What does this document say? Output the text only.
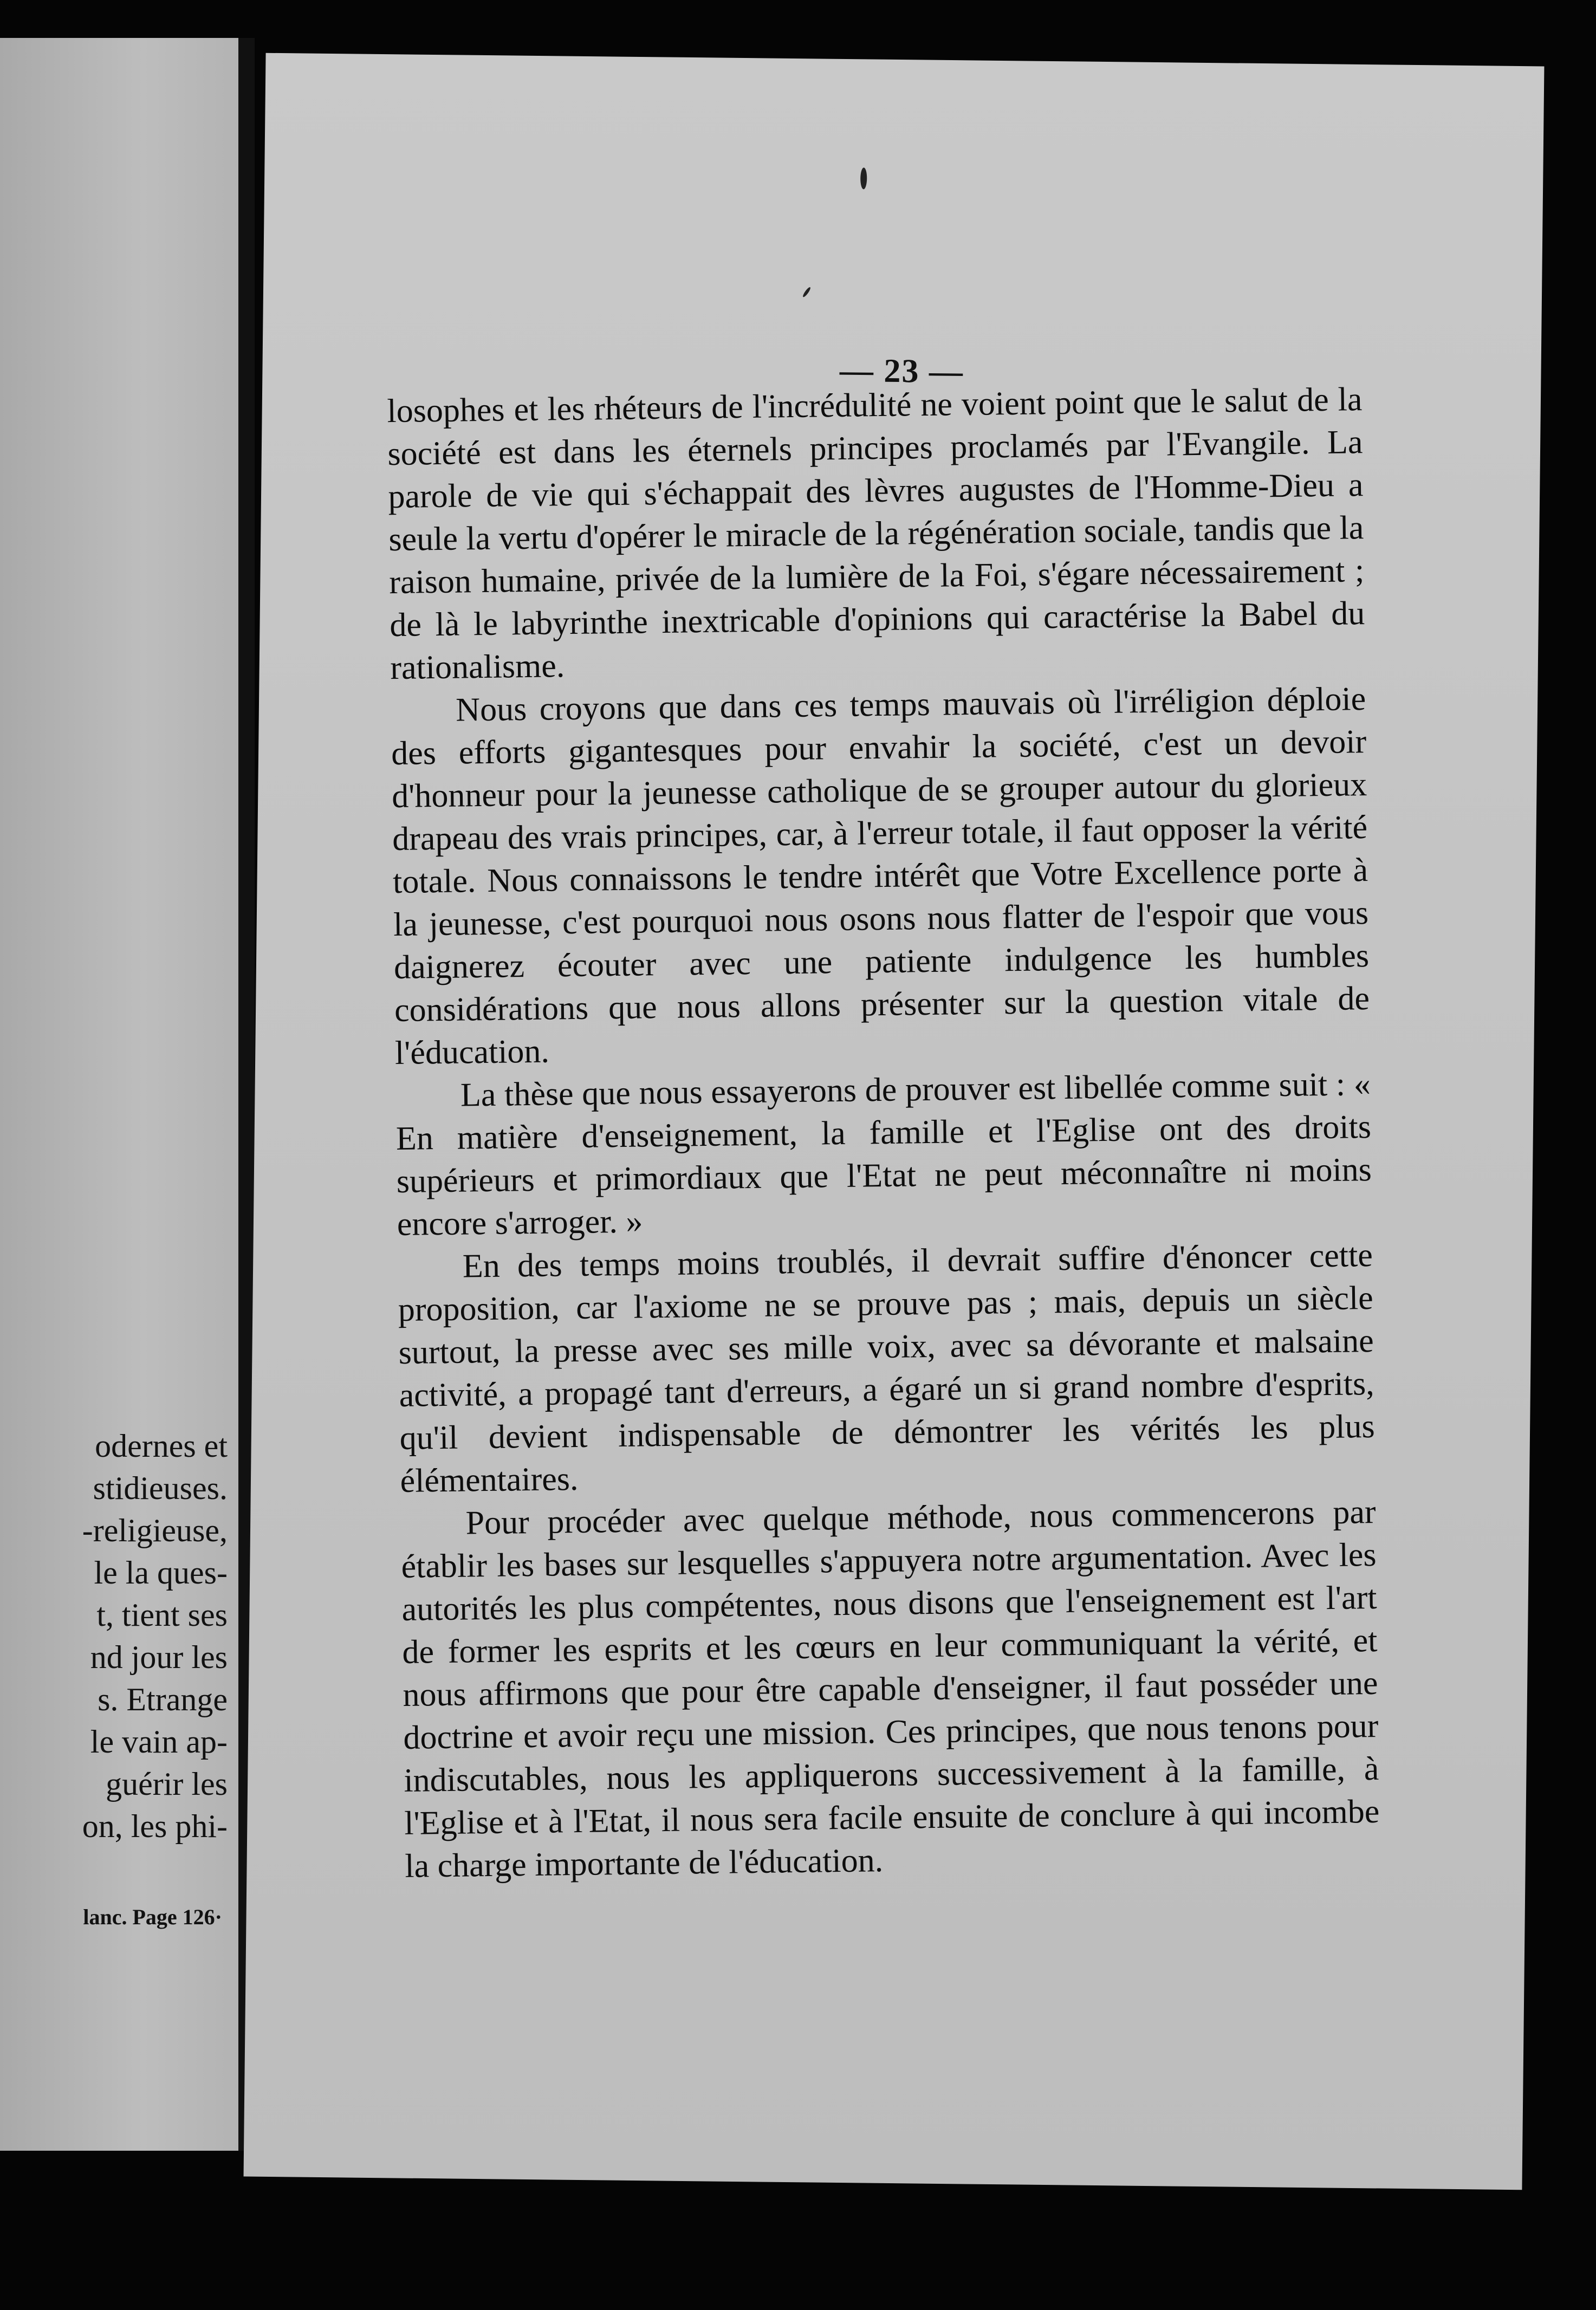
odernes et
stidieuses.
-religieuse,
le la ques-
t, tient ses
nd jour les
s. Etrange
le vain ap-
guérir les
on, les phi-
lanc. Page 126·
— 23 —

losophes et les rhéteurs de l'incrédulité ne voient point que le salut de la société est dans les éternels principes proclamés par l'Evangile. La parole de vie qui s'échappait des lèvres augustes de l'Homme-Dieu a seule la vertu d'opérer le miracle de la régénération sociale, tandis que la raison humaine, privée de la lumière de la Foi, s'égare nécessairement ; de là le labyrinthe inextricable d'opinions qui caractérise la Babel du rationalisme.

Nous croyons que dans ces temps mauvais où l'irréligion déploie des efforts gigantesques pour envahir la société, c'est un devoir d'honneur pour la jeunesse catholique de se grouper autour du glorieux drapeau des vrais principes, car, à l'erreur totale, il faut opposer la vérité totale. Nous connaissons le tendre intérêt que Votre Excellence porte à la jeunesse, c'est pourquoi nous osons nous flatter de l'espoir que vous daignerez écouter avec une patiente indulgence les humbles considérations que nous allons présenter sur la question vitale de l'éducation.

La thèse que nous essayerons de prouver est libellée comme suit : « En matière d'enseignement, la famille et l'Eglise ont des droits supérieurs et primordiaux que l'Etat ne peut méconnaître ni moins encore s'arroger. »

En des temps moins troublés, il devrait suffire d'énoncer cette proposition, car l'axiome ne se prouve pas ; mais, depuis un siècle surtout, la presse avec ses mille voix, avec sa dévorante et malsaine activité, a propagé tant d'erreurs, a égaré un si grand nombre d'esprits, qu'il devient indispensable de démontrer les vérités les plus élémentaires.

Pour procéder avec quelque méthode, nous commencerons par établir les bases sur lesquelles s'appuyera notre argumentation. Avec les autorités les plus compétentes, nous disons que l'enseignement est l'art de former les esprits et les cœurs en leur communiquant la vérité, et nous affirmons que pour être capable d'enseigner, il faut posséder une doctrine et avoir reçu une mission. Ces principes, que nous tenons pour indiscutables, nous les appliquerons successivement à la famille, à l'Eglise et à l'Etat, il nous sera facile ensuite de conclure à qui incombe la charge importante de l'éducation.
